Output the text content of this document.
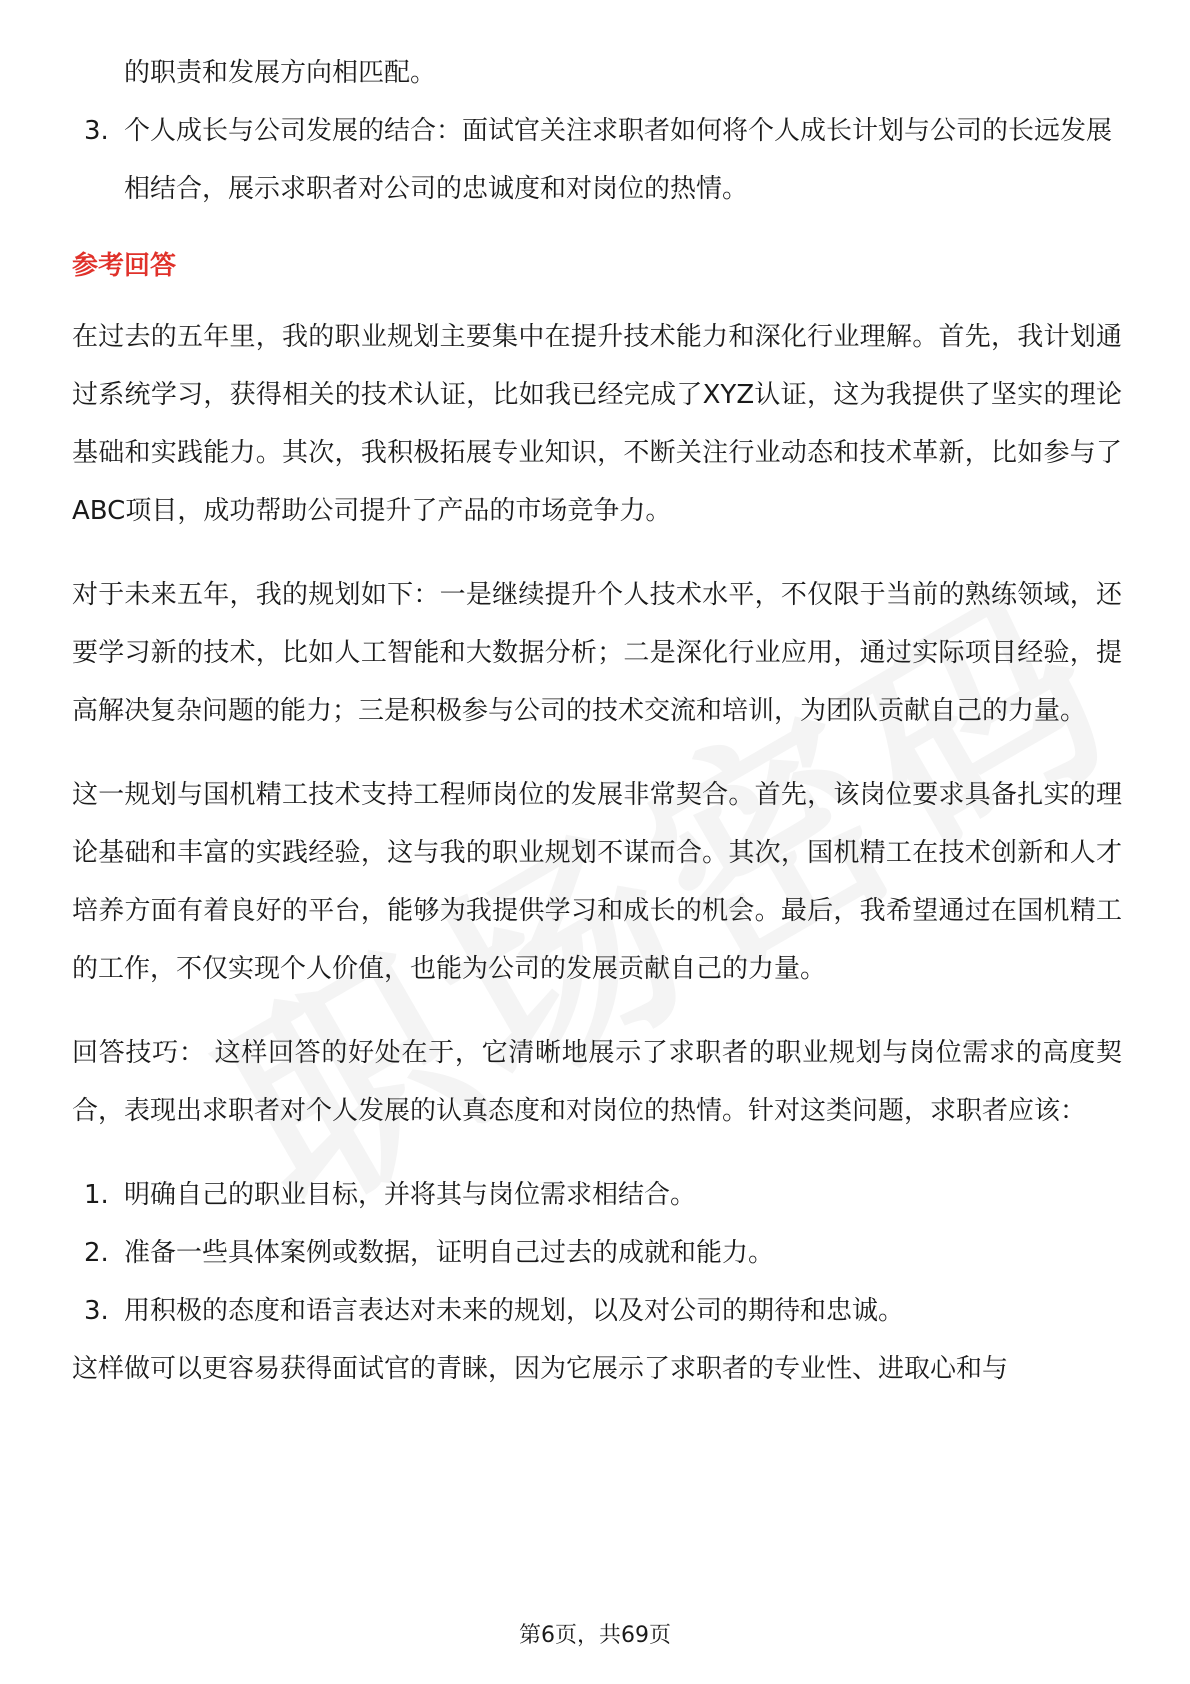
的职责和发展方向相匹配。

3. 个人成长与公司发展的结合：面试官关注求职者如何将个人成长计划与公司的长远发展相结合，展示求职者对公司的忠诚度和对岗位的热情。
参考回答

在过去的五年里，我的职业规划主要集中在提升技术能力和深化行业理解。首先，我计划通过系统学习，获得相关的技术认证，比如我已经完成了XYZ认证，这为我提供了坚实的理论基础和实践能力。其次，我积极拓展专业知识，不断关注行业动态和技术革新，比如参与了ABC项目，成功帮助公司提升了产品的市场竞争力。

对于未来五年，我的规划如下：一是继续提升个人技术水平，不仅限于当前的熟练领域，还要学习新的技术，比如人工智能和大数据分析；二是深化行业应用，通过实际项目经验，提高解决复杂问题的能力；三是积极参与公司的技术交流和培训，为团队贡献自己的力量。

这一规划与国机精工技术支持工程师岗位的发展非常契合。首先，该岗位要求具备扎实的理论基础和丰富的实践经验，这与我的职业规划不谋而合。其次，国机精工在技术创新和人才培养方面有着良好的平台，能够为我提供学习和成长的机会。最后，我希望通过在国机精工的工作，不仅实现个人价值，也能为公司的发展贡献自己的力量。

回答技巧： 这样回答的好处在于，它清晰地展示了求职者的职业规划与岗位需求的高度契合，表现出求职者对个人发展的认真态度和对岗位的热情。针对这类问题，求职者应该：

1. 明确自己的职业目标，并将其与岗位需求相结合。
2. 准备一些具体案例或数据，证明自己过去的成就和能力。
3. 用积极的态度和语言表达对未来的规划，以及对公司的期待和忠诚。

这样做可以更容易获得面试官的青睐，因为它展示了求职者的专业性、进取心和与

第6页，共69页
